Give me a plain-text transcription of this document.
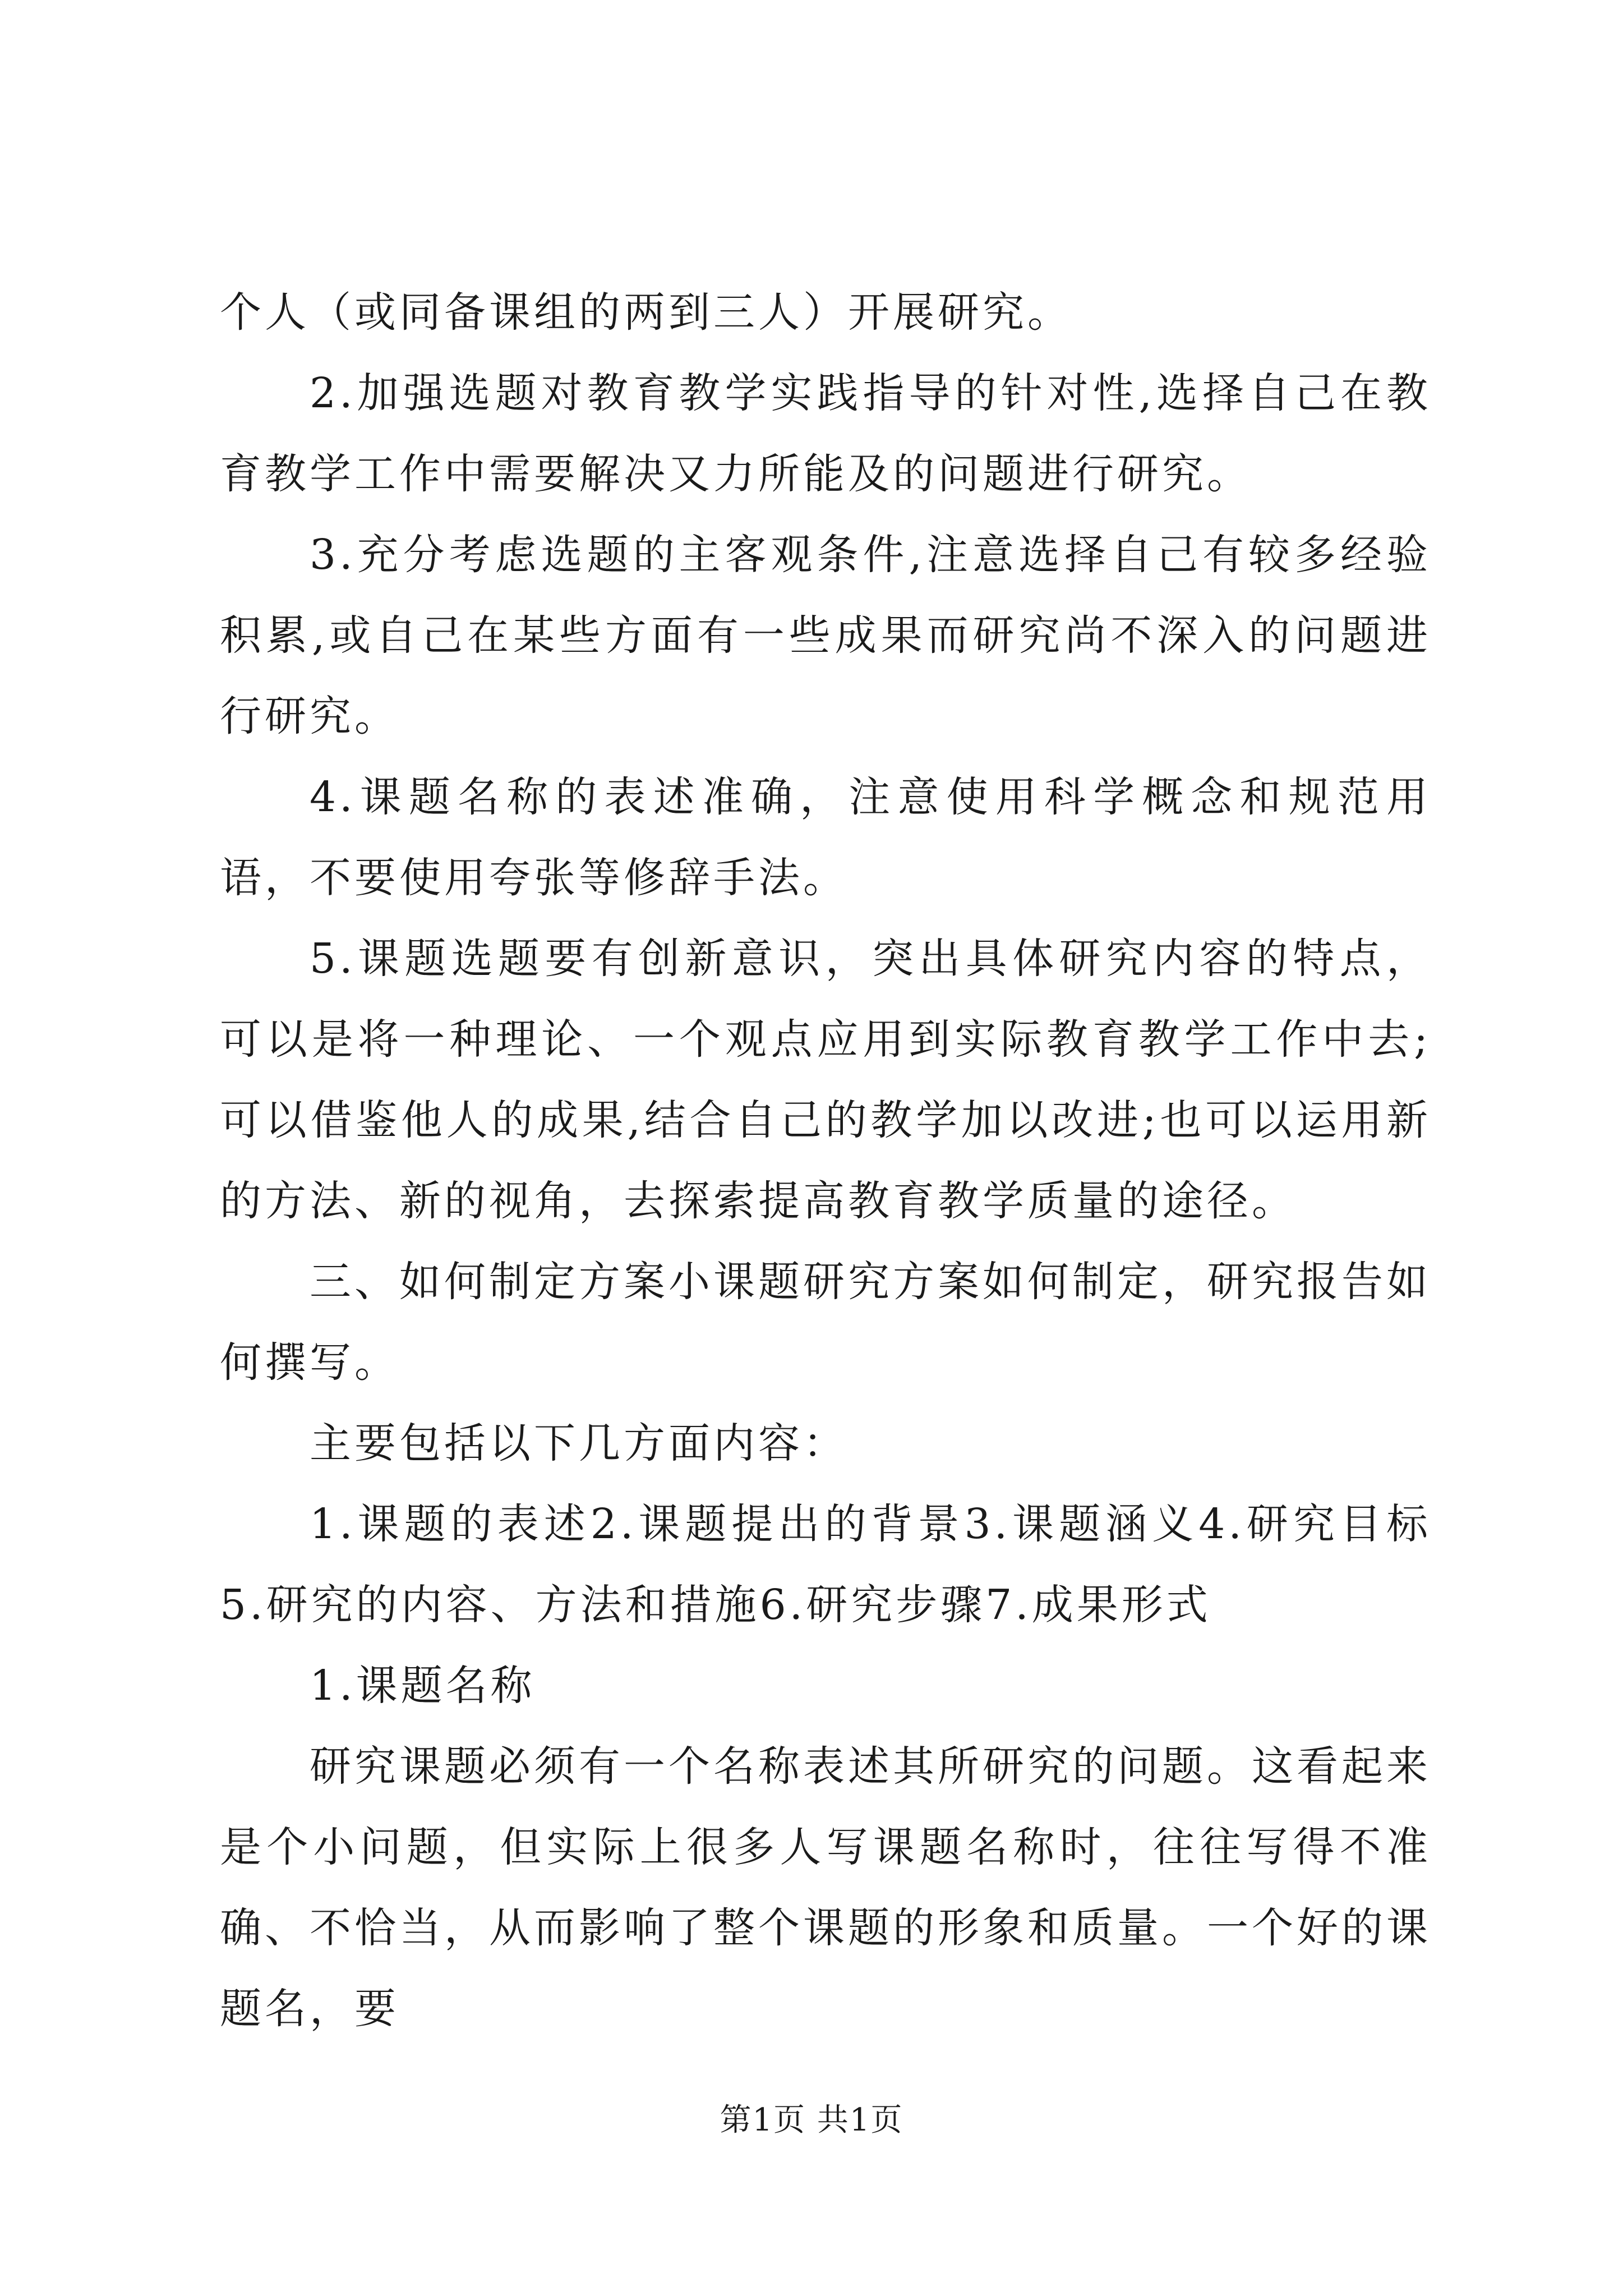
个人（或同备课组的两到三人）开展研究。

2.加强选题对教育教学实践指导的针对性,选择自己在教育教学工作中需要解决又力所能及的问题进行研究。

3.充分考虑选题的主客观条件,注意选择自己有较多经验积累,或自己在某些方面有一些成果而研究尚不深入的问题进行研究。

4.课题名称的表述准确，注意使用科学概念和规范用语，不要使用夸张等修辞手法。

5.课题选题要有创新意识，突出具体研究内容的特点，可以是将一种理论、一个观点应用到实际教育教学工作中去;可以借鉴他人的成果,结合自己的教学加以改进;也可以运用新的方法、新的视角，去探索提高教育教学质量的途径。

三、如何制定方案小课题研究方案如何制定，研究报告如何撰写。

主要包括以下几方面内容：

1.课题的表述2.课题提出的背景3.课题涵义4.研究目标5.研究的内容、方法和措施6.研究步骤7.成果形式

1.课题名称

研究课题必须有一个名称表述其所研究的问题。这看起来是个小问题，但实际上很多人写课题名称时，往往写得不准确、不恰当，从而影响了整个课题的形象和质量。一个好的课题名，要

第1页 共1页
